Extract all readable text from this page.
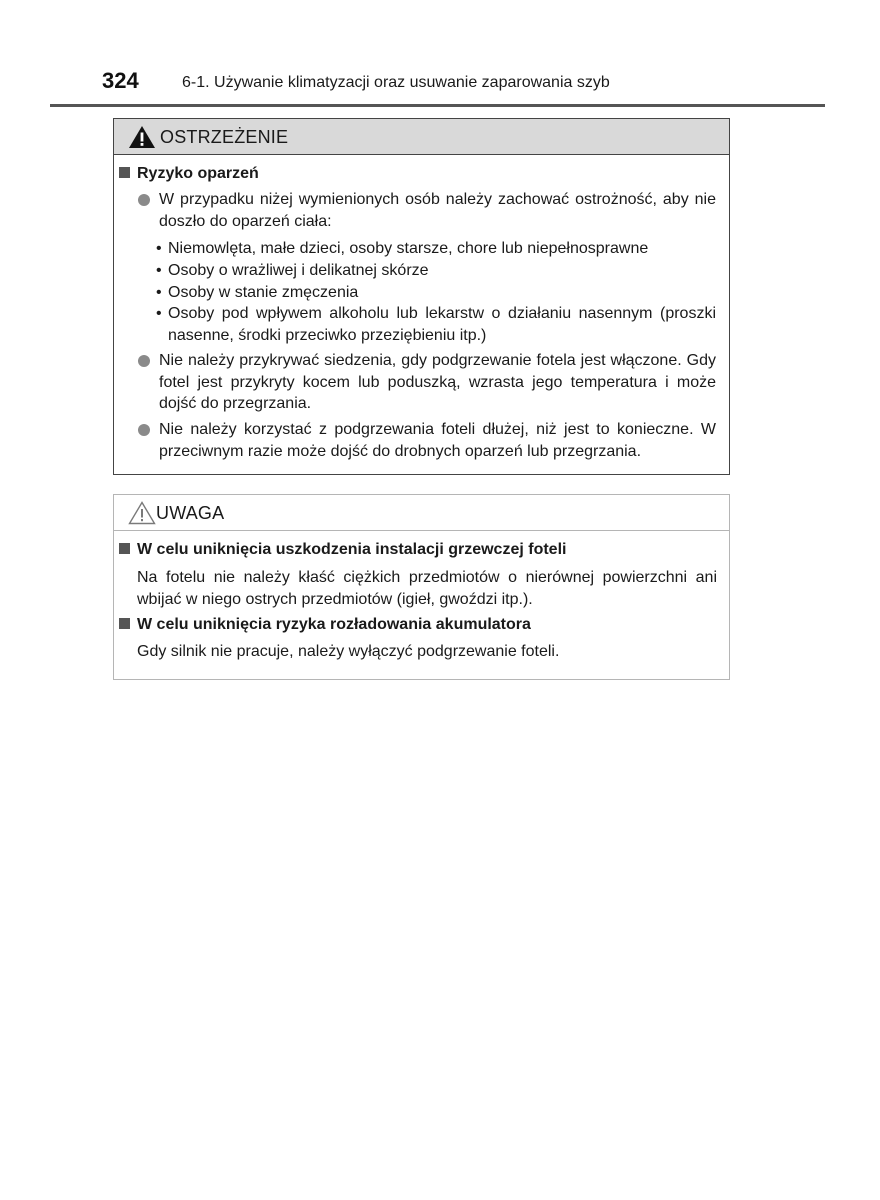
324	6-1. Używanie klimatyzacji oraz usuwanie zaparowania szyb
OSTRZEŻENIE
Ryzyko oparzeń
W przypadku niżej wymienionych osób należy zachować ostrożność, aby nie doszło do oparzeń ciała:
• Niemowlęta, małe dzieci, osoby starsze, chore lub niepełnosprawne
• Osoby o wrażliwej i delikatnej skórze
• Osoby w stanie zmęczenia
• Osoby pod wpływem alkoholu lub lekarstw o działaniu nasennym (proszki nasenne, środki przeciwko przeziębieniu itp.)
Nie należy przykrywać siedzenia, gdy podgrzewanie fotela jest włączone. Gdy fotel jest przykryty kocem lub poduszką, wzrasta jego temperatura i może dojść do przegrzania.
Nie należy korzystać z podgrzewania foteli dłużej, niż jest to konieczne. W przeciwnym razie może dojść do drobnych oparzeń lub przegrzania.
UWAGA
W celu uniknięcia uszkodzenia instalacji grzewczej foteli
Na fotelu nie należy kłaść ciężkich przedmiotów o nierównej powierzchni ani wbijać w niego ostrych przedmiotów (igieł, gwoździ itp.).
W celu uniknięcia ryzyka rozładowania akumulatora
Gdy silnik nie pracuje, należy wyłączyć podgrzewanie foteli.
